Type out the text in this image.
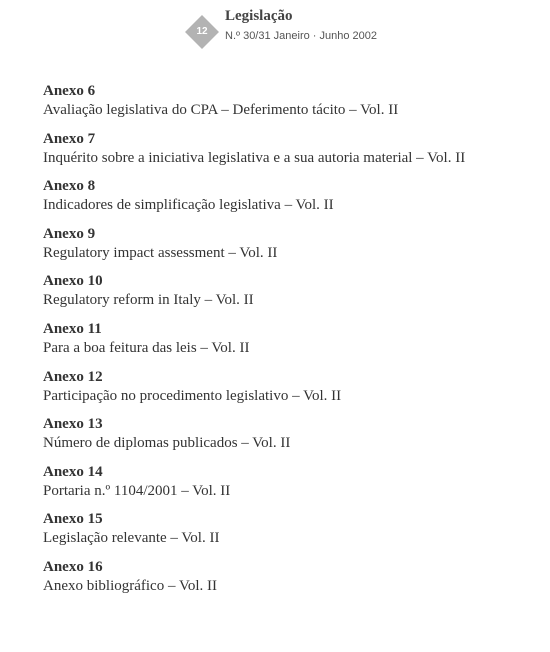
12
Legislação
N.º 30/31 Janeiro · Junho 2002
Anexo 6
Avaliação legislativa do CPA – Deferimento tácito – Vol. II
Anexo 7
Inquérito sobre a iniciativa legislativa e a sua autoria material – Vol. II
Anexo 8
Indicadores de simplificação legislativa – Vol. II
Anexo 9
Regulatory impact assessment – Vol. II
Anexo 10
Regulatory reform in Italy – Vol. II
Anexo 11
Para a boa feitura das leis – Vol. II
Anexo 12
Participação no procedimento legislativo – Vol. II
Anexo 13
Número de diplomas publicados – Vol. II
Anexo 14
Portaria n.º 1104/2001 – Vol. II
Anexo 15
Legislação relevante – Vol. II
Anexo 16
Anexo bibliográfico – Vol. II
